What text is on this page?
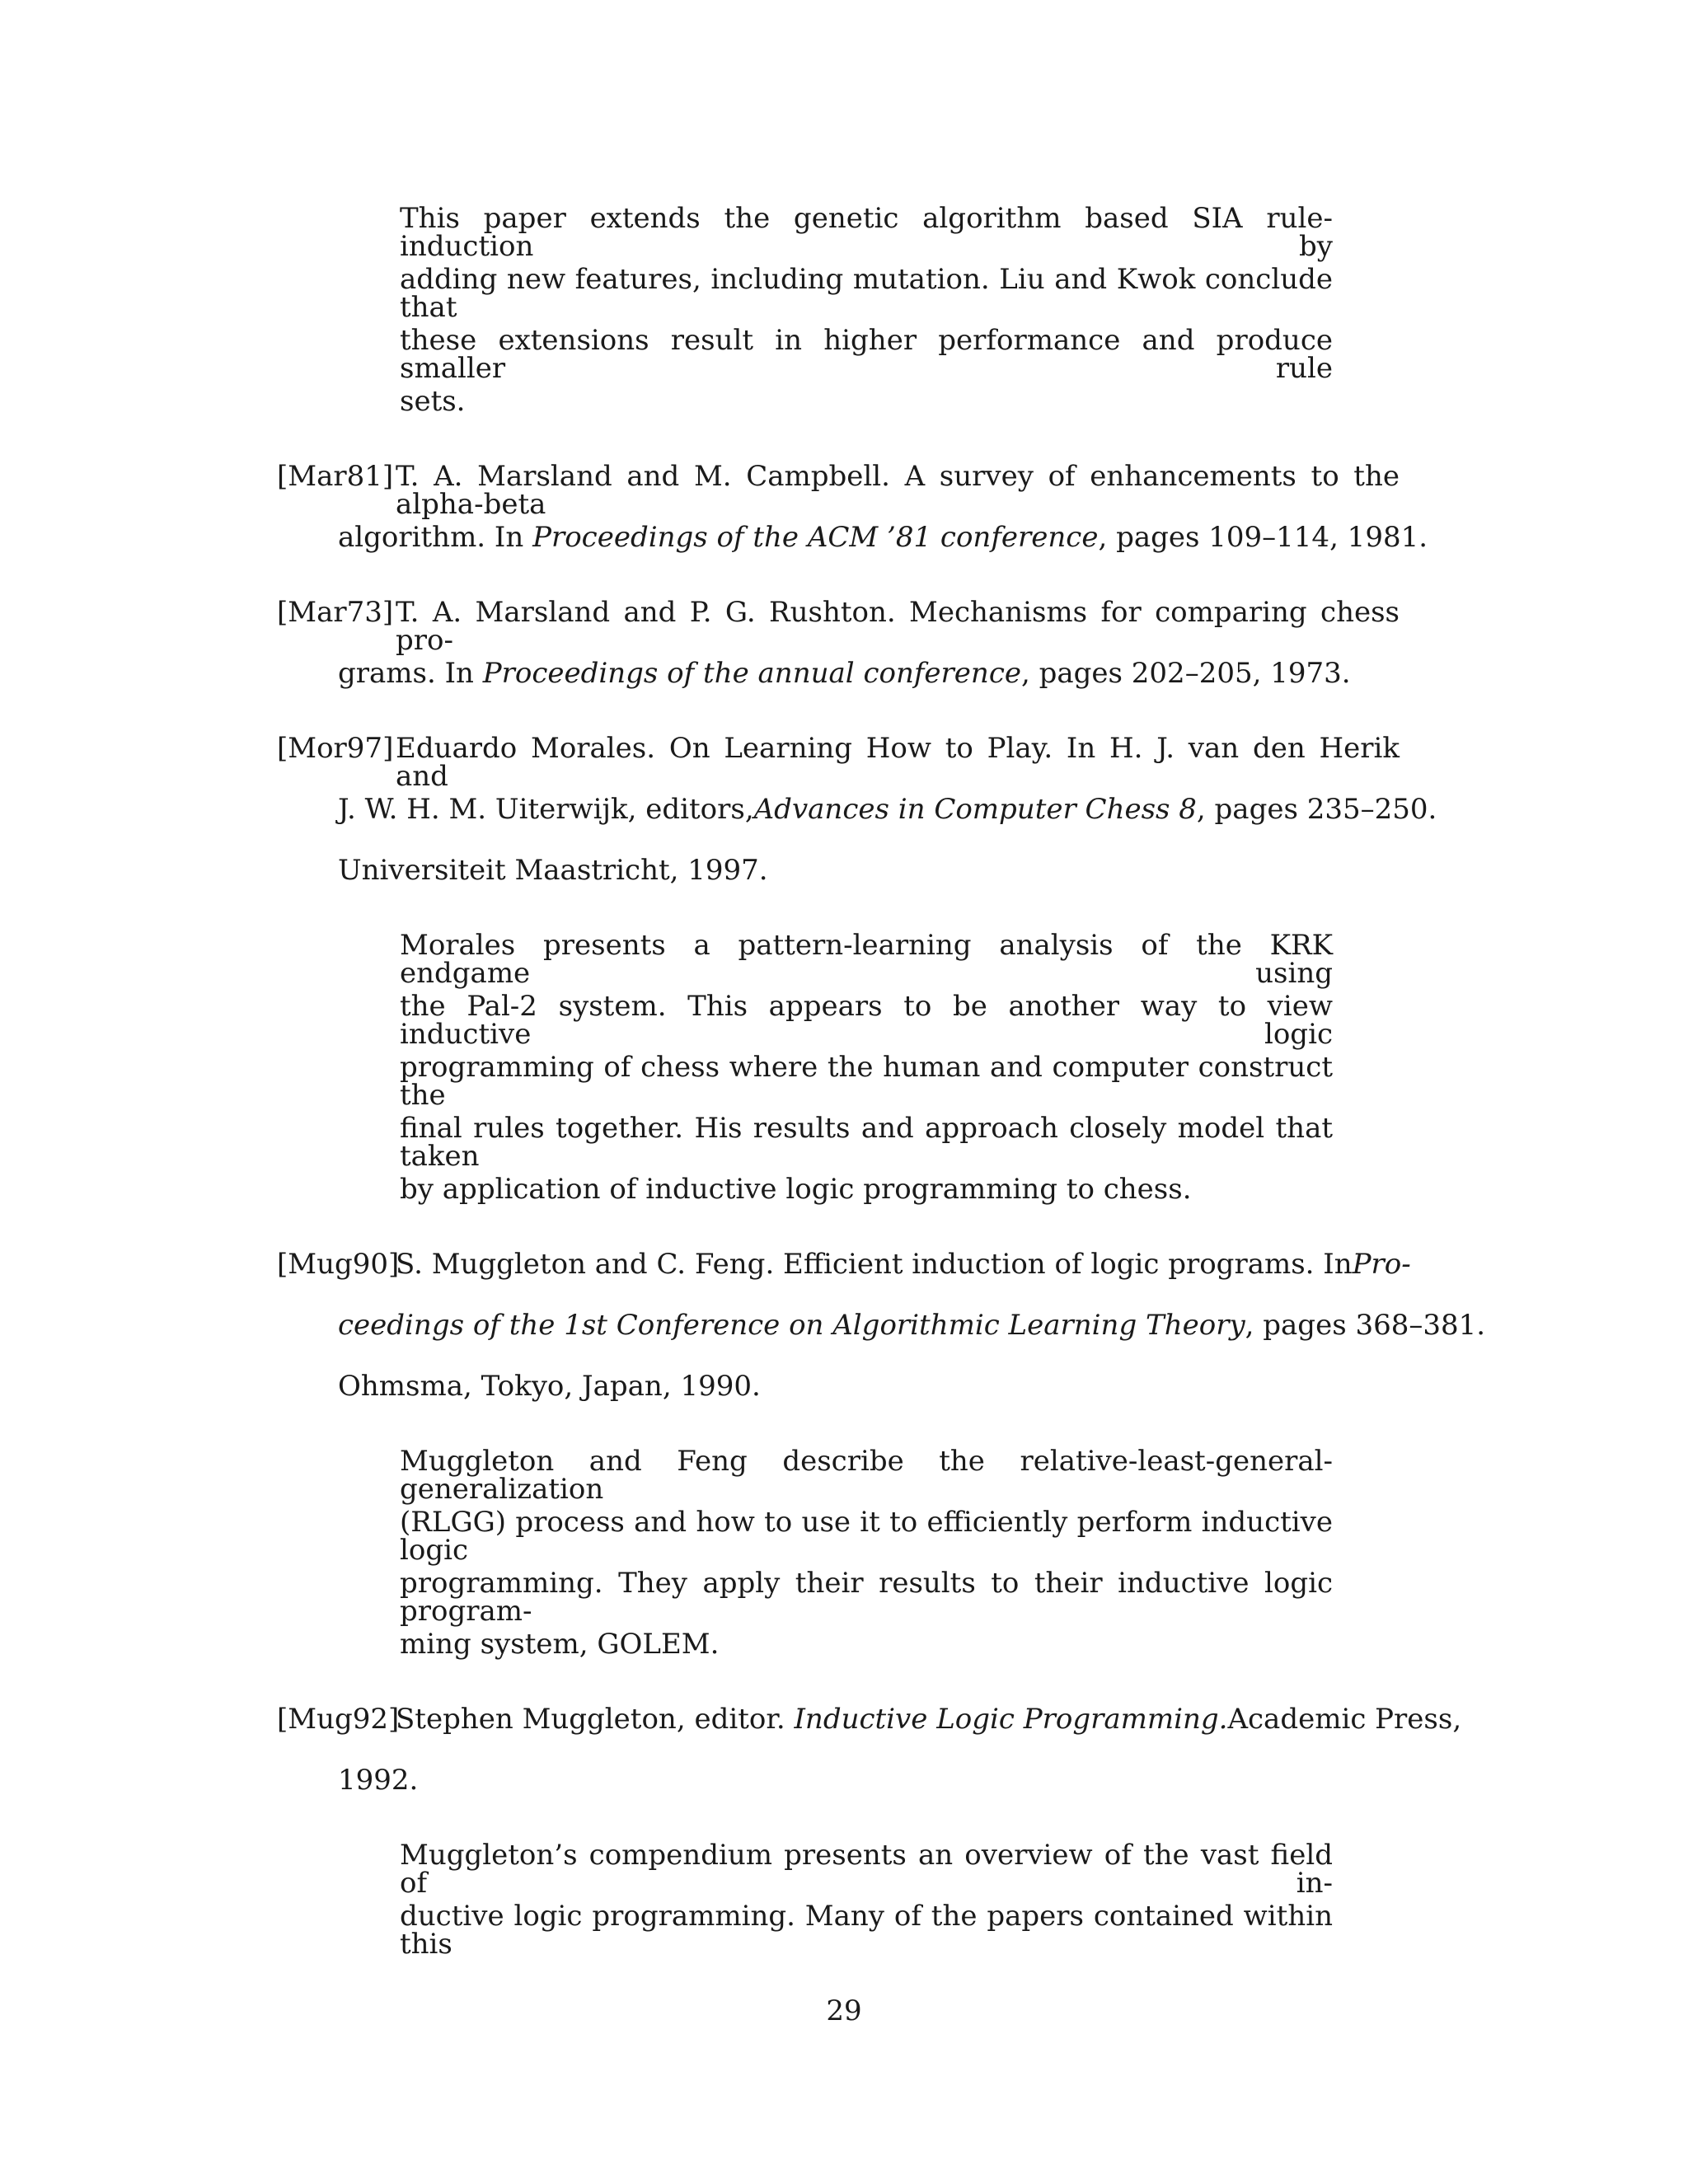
This paper extends the genetic algorithm based SIA rule-induction by
adding new features, including mutation. Liu and Kwok conclude that
these extensions result in higher performance and produce smaller rule
sets.
[Mar81] T. A. Marsland and M. Campbell. A survey of enhancements to the alpha-beta
algorithm. In Proceedings of the ACM ’81 conference, pages 109–114, 1981.
[Mar73] T. A. Marsland and P. G. Rushton. Mechanisms for comparing chess pro-
grams. In Proceedings of the annual conference, pages 202–205, 1973.
[Mor97] Eduardo Morales. On Learning How to Play. In H. J. van den Herik and
J. W. H. M. Uiterwijk, editors, Advances in Computer Chess 8, pages 235–250.
Universiteit Maastricht, 1997.
Morales presents a pattern-learning analysis of the KRK endgame using
the Pal-2 system. This appears to be another way to view inductive logic
programming of chess where the human and computer construct the
final rules together. His results and approach closely model that taken
by application of inductive logic programming to chess.
[Mug90]
S. Muggleton and C. Feng. Efficient induction of logic programs. In Pro-
ceedings of the 1st Conference on Algorithmic Learning Theory , pages 368–381.
Ohmsma, Tokyo, Japan, 1990.
Muggleton and Feng describe the relative-least-general-generalization
(RLGG) process and how to use it to efficiently perform inductive logic
programming. They apply their results to their inductive logic program-
ming system, GOLEM.
[Mug92]
Stephen Muggleton, editor. Inductive Logic Programming. Academic Press,
1992.
Muggleton’s compendium presents an overview of the vast field of in-
ductive logic programming. Many of the papers contained within this
29
